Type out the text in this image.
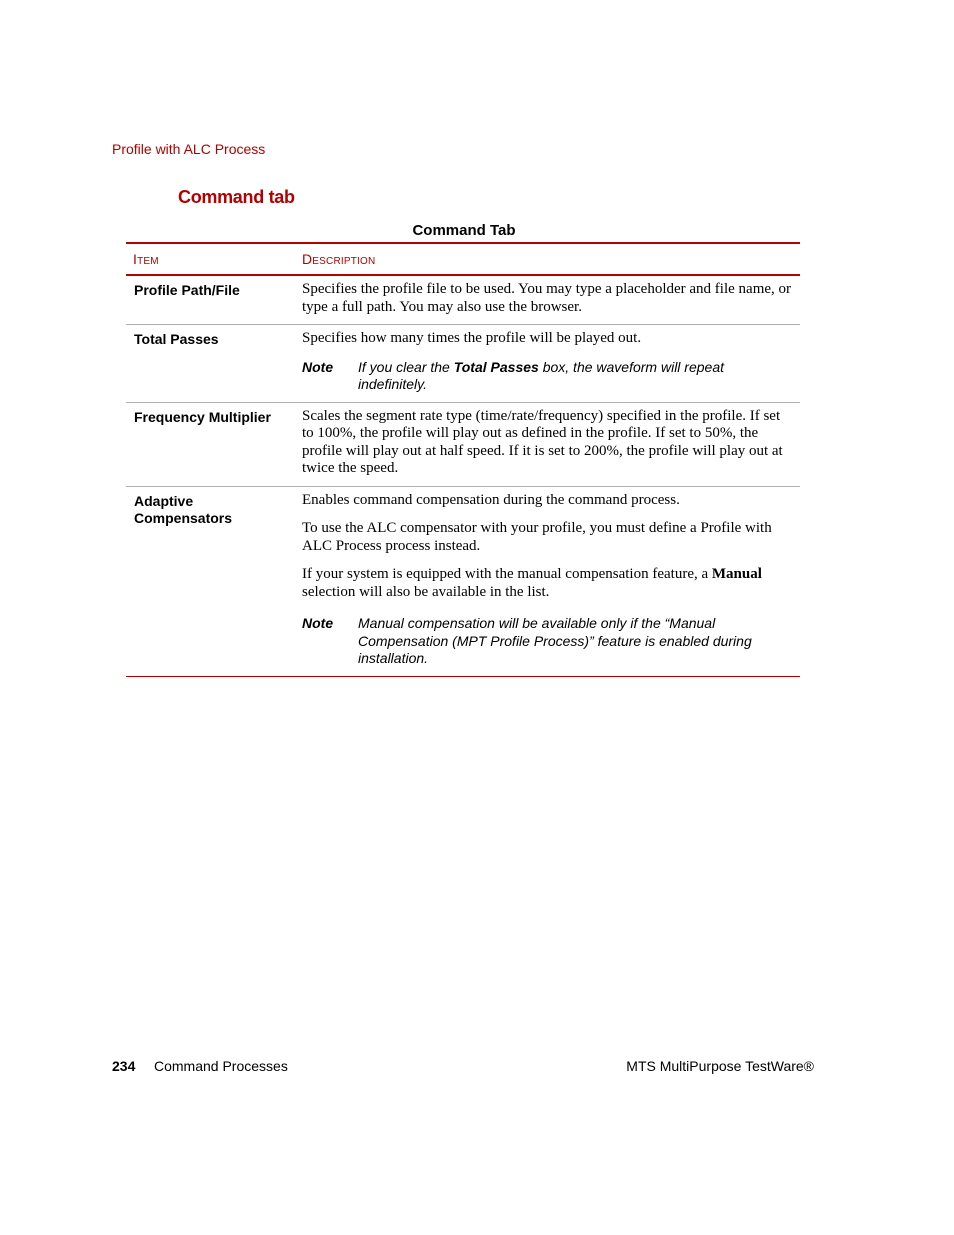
Profile with ALC Process
Command tab
Command Tab
Item	Description
Profile Path/File	Specifies the profile file to be used. You may type a placeholder and file name, or type a full path. You may also use the browser.

Total Passes	Specifies how many times the profile will be played out.

Note If you clear the Total Passes box, the waveform will repeat indefinitely.

Frequency Multiplier	Scales the segment rate type (time/rate/frequency) specified in the profile. If set to 100%, the profile will play out as defined in the profile. If set to 50%, the profile will play out at half speed. If it is set to 200%, the profile will play out at twice the speed.

Adaptive Compensators	Enables command compensation during the command process.

To use the ALC compensator with your profile, you must define a Profile with ALC Process process instead.

If your system is equipped with the manual compensation feature, a Manual selection will also be available in the list.

Note Manual compensation will be available only if the “Manual Compensation (MPT Profile Process)” feature is enabled during installation.
234 Command Processes	MTS MultiPurpose TestWare®
